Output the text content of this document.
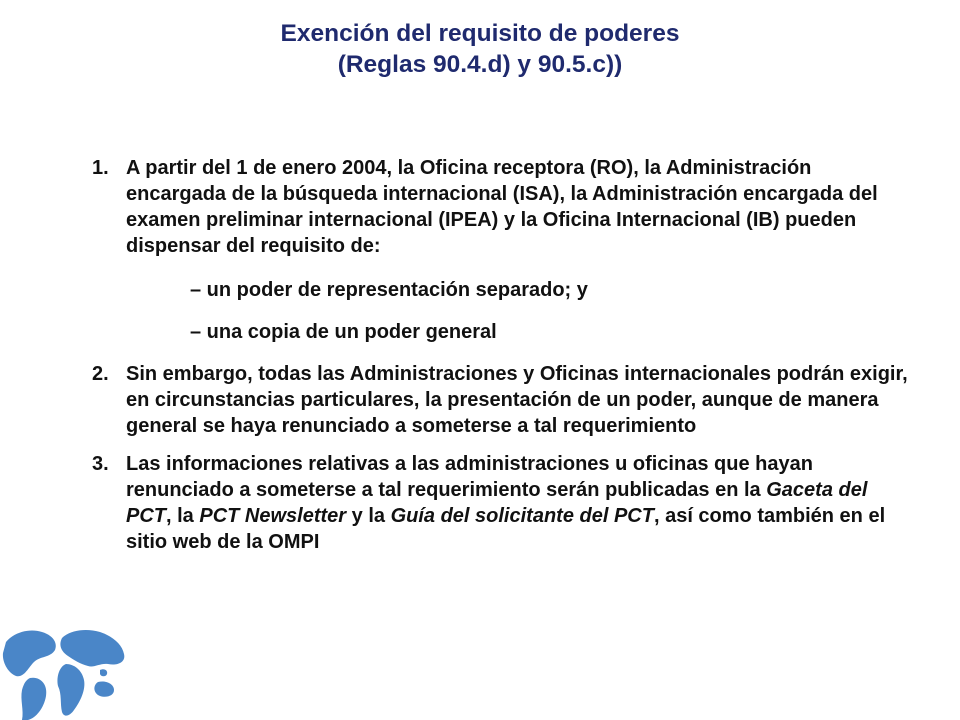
Exención del requisito de poderes
(Reglas 90.4.d) y 90.5.c))
1. A partir del 1 de enero 2004, la Oficina receptora (RO), la Administración encargada de la búsqueda internacional (ISA), la Administración encargada del examen preliminar internacional (IPEA) y la Oficina Internacional (IB) pueden dispensar del requisito de:
– un poder de representación separado; y
– una copia de un poder general
2. Sin embargo, todas las Administraciones y Oficinas internacionales podrán exigir, en circunstancias particulares, la presentación de un poder, aunque de manera general se haya renunciado a someterse a tal requerimiento
3. Las informaciones relativas a las administraciones u oficinas que hayan renunciado a someterse a tal requerimiento serán publicadas en la Gaceta del PCT, la PCT Newsletter y la Guía del solicitante del PCT, así como también en el sitio web de la OMPI
